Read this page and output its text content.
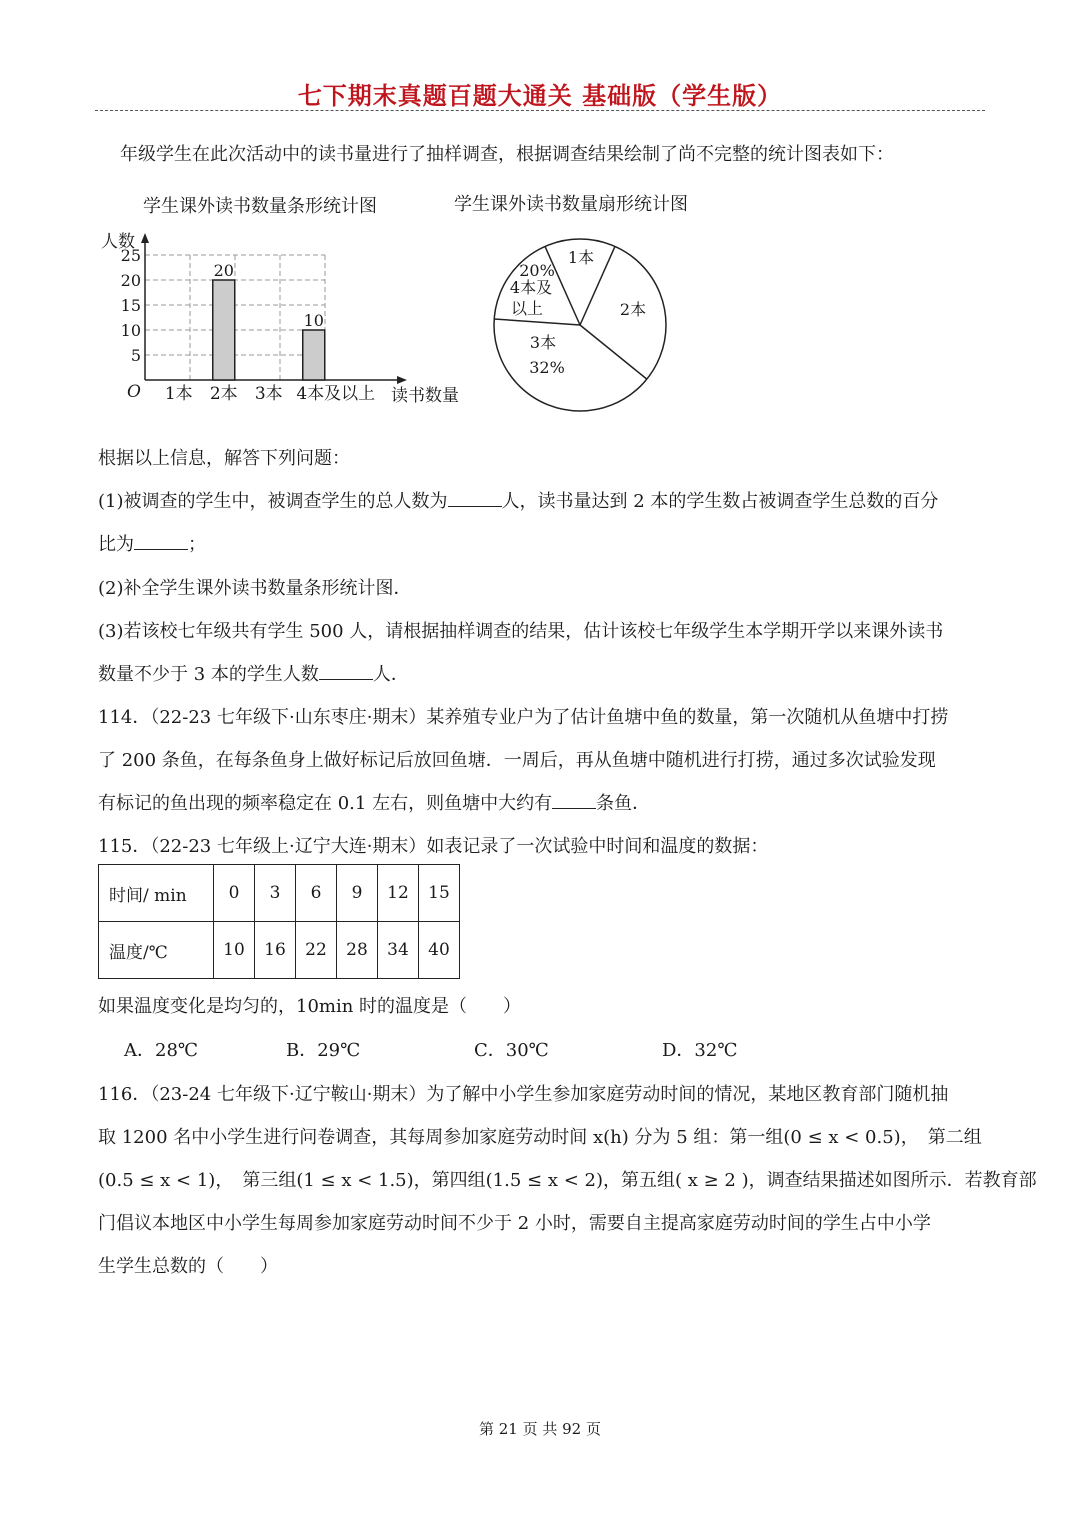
七下期末真题百题大通关 基础版（学生版）
年级学生在此次活动中的读书量进行了抽样调查，根据调查结果绘制了尚不完整的统计图表如下：
学生课外读书数量条形统计图	学生课外读书数量扇形统计图
5
10
15
20
25
人数
读书数量
O 1本
20
2本 3本
10
4本及以上
1本
2本
3本
32%
20%
4本及
以上
根据以上信息，解答下列问题：
(1)被调查的学生中，被调查学生的总人数为	人，读书量达到 2 本的学生数占被调查学生总数的百分
比为	；
(2)补全学生课外读书数量条形统计图．
(3)若该校七年级共有学生 500 人，请根据抽样调查的结果，估计该校七年级学生本学期开学以来课外读书
数量不少于 3 本的学生人数	人．
114．（22-23 七年级下·山东枣庄·期末）某养殖专业户为了估计鱼塘中鱼的数量，第一次随机从鱼塘中打捞
了 200 条鱼，在每条鱼身上做好标记后放回鱼塘．一周后，再从鱼塘中随机进行打捞，通过多次试验发现
有标记的鱼出现的频率稳定在 0.1 左右，则鱼塘中大约有 条鱼．
115．（22-23 七年级上·辽宁大连·期末）如表记录了一次试验中时间和温度的数据：
时间/ min	0	3	6	9	12	15
温度/℃	10	16	22	28	34	40
如果温度变化是均匀的，10min 时的温度是（　　）
A．28℃	B．29℃	C．30℃	D．32℃
116．（23-24 七年级下·辽宁鞍山·期末）为了解中小学生参加家庭劳动时间的情况，某地区教育部门随机抽
取 1200 名中小学生进行问卷调查，其每周参加家庭劳动时间 x(h) 分为 5 组：第一组(0 ≤ x < 0.5)，　第二组
(0.5 ≤ x < 1)，　第三组(1 ≤ x < 1.5)，第四组(1.5 ≤ x < 2)，第五组( x ≥ 2 )，调查结果描述如图所示．若教育部
门倡议本地区中小学生每周参加家庭劳动时间不少于 2 小时，需要自主提高家庭劳动时间的学生占中小学
生学生总数的（　　）
第 21 页 共 92 页
